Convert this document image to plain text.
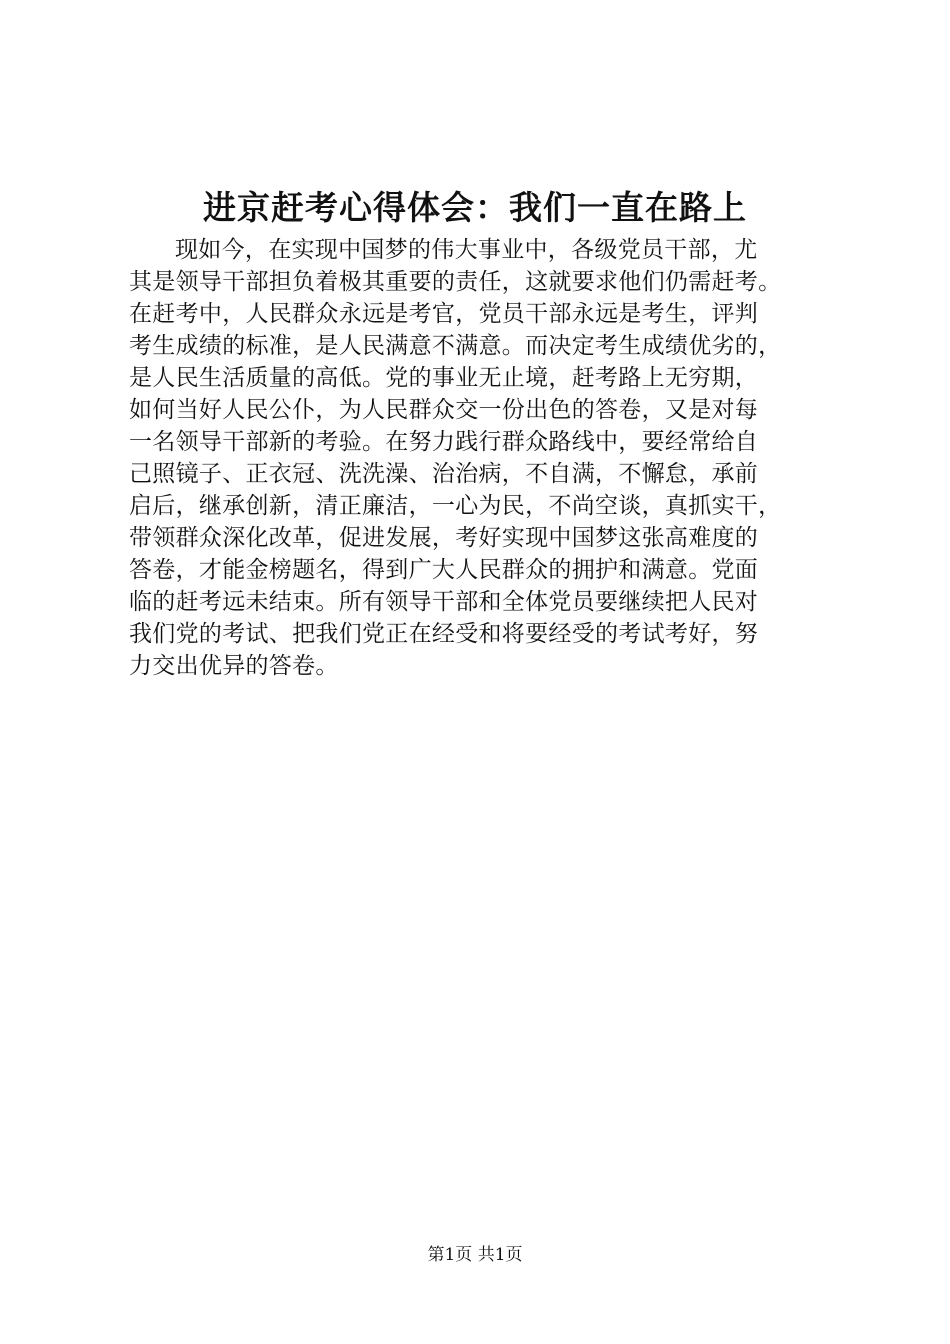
进京赶考心得体会：我们一直在路上
现如今，在实现中国梦的伟大事业中，各级党员干部，尤
其是领导干部担负着极其重要的责任，这就要求他们仍需赶考。
在赶考中，人民群众永远是考官，党员干部永远是考生，评判
考生成绩的标准，是人民满意不满意。而决定考生成绩优劣的，
是人民生活质量的高低。党的事业无止境，赶考路上无穷期，
如何当好人民公仆，为人民群众交一份出色的答卷，又是对每
一名领导干部新的考验。在努力践行群众路线中，要经常给自
己照镜子、正衣冠、洗洗澡、治治病，不自满，不懈怠，承前
启后，继承创新，清正廉洁，一心为民，不尚空谈，真抓实干，
带领群众深化改革，促进发展，考好实现中国梦这张高难度的
答卷，才能金榜题名，得到广大人民群众的拥护和满意。党面
临的赶考远未结束。所有领导干部和全体党员要继续把人民对
我们党的考试、把我们党正在经受和将要经受的考试考好，努
力交出优异的答卷。
第1页 共1页
